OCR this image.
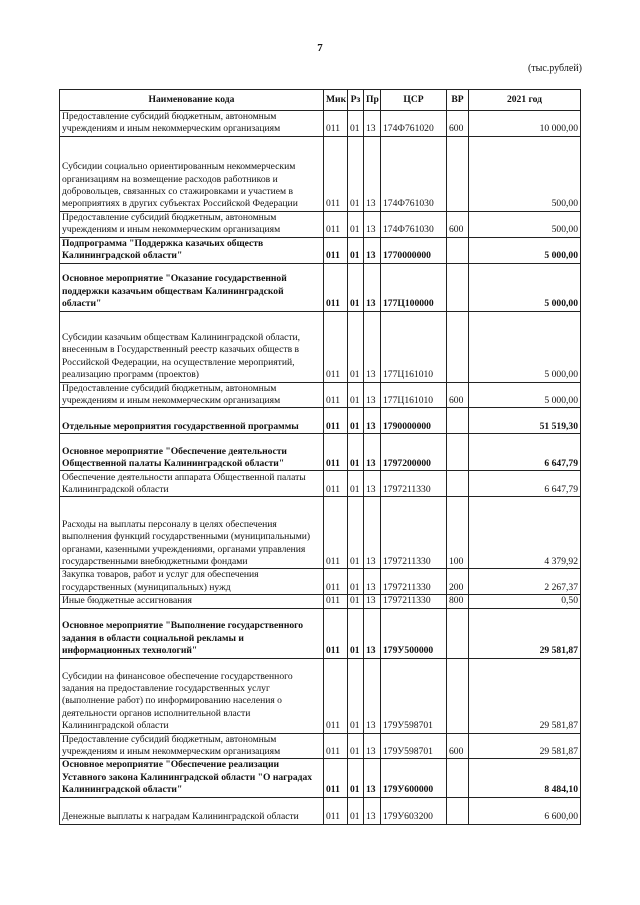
7
(тыс.рублей)
Наименование кода	Мик	Рз	Пр	ЦСР	ВР	2021 год
Предоставление субсидий бюджетным, автономным учреждениям и иным некоммерческим организациям	011	01	13	174Ф761020	600	10 000,00
Субсидии социально ориентированным некоммерческим организациям на возмещение расходов работников и добровольцев, связанных со стажировками и участием в мероприятиях в других субъектах Российской Федерации	011	01	13	174Ф761030		500,00
Предоставление субсидий бюджетным, автономным учреждениям и иным некоммерческим организациям	011	01	13	174Ф761030	600	500,00
Подпрограмма "Поддержка казачьих обществ Калининградской области"	011	01	13	1770000000		5 000,00
Основное мероприятие "Оказание государственной поддержки казачьим обществам Калининградской области"	011	01	13	177Ц100000		5 000,00
Субсидии казачьим обществам Калининградской области, внесенным в Государственный реестр казачьих обществ в Российской Федерации, на осуществление мероприятий, реализацию программ (проектов)	011	01	13	177Ц161010		5 000,00
Предоставление субсидий бюджетным, автономным учреждениям и иным некоммерческим организациям	011	01	13	177Ц161010	600	5 000,00
Отдельные мероприятия государственной программы	011	01	13	1790000000		51 519,30
Основное мероприятие "Обеспечение деятельности Общественной палаты Калининградской области"	011	01	13	1797200000		6 647,79
Обеспечение деятельности аппарата Общественной палаты Калининградской области	011	01	13	1797211330		6 647,79
Расходы на выплаты персоналу в целях обеспечения выполнения функций государственными (муниципальными) органами, казенными учреждениями, органами управления государственными внебюджетными фондами	011	01	13	1797211330	100	4 379,92
Закупка товаров, работ и услуг для обеспечения государственных (муниципальных) нужд	011	01	13	1797211330	200	2 267,37
Иные бюджетные ассигнования	011	01	13	1797211330	800	0,50
Основное мероприятие "Выполнение государственного задания в области социальной рекламы и информационных технологий"	011	01	13	179У500000		29 581,87
Субсидии на финансовое обеспечение государственного задания на предоставление государственных услуг (выполнение работ) по информированию населения о деятельности органов исполнительной власти Калининградской области	011	01	13	179У598701		29 581,87
Предоставление субсидий бюджетным, автономным учреждениям и иным некоммерческим организациям	011	01	13	179У598701	600	29 581,87
Основное мероприятие "Обеспечение реализации Уставного закона Калининградской области "О наградах Калининградской области"	011	01	13	179У600000		8 484,10
Денежные выплаты к наградам Калининградской области	011	01	13	179У603200		6 600,00
